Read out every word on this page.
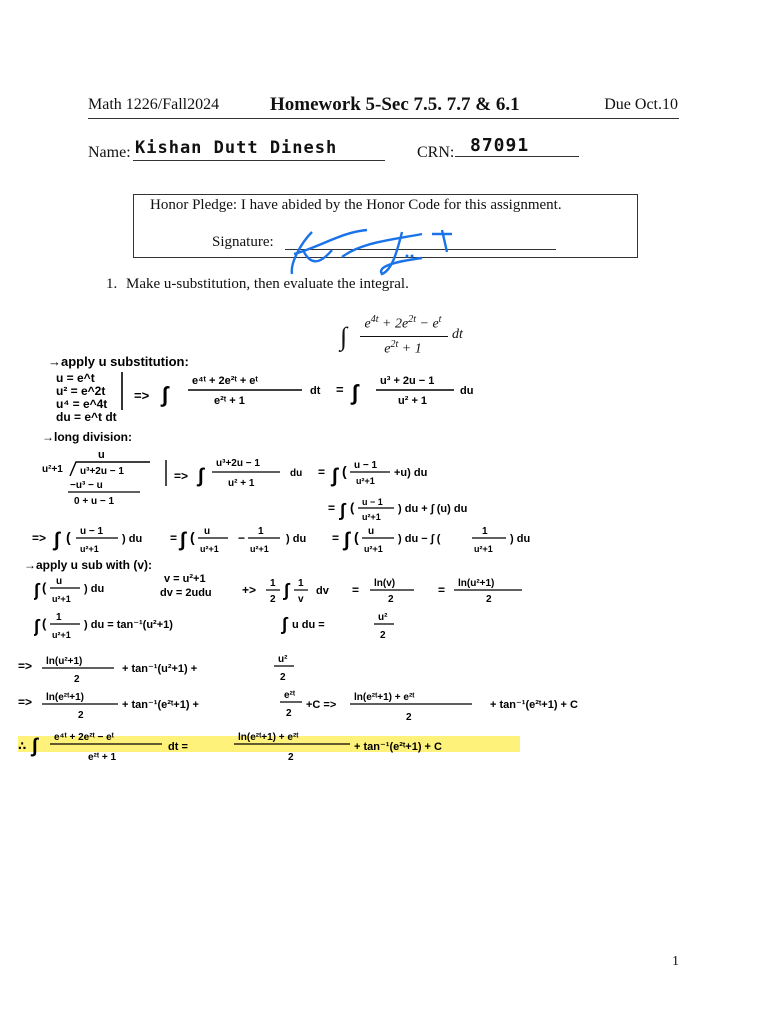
Math 1226/Fall2024	Homework 5-Sec 7.5. 7.7 & 6.1	Due Oct.10
Name: Kishan Dutt Dinesh	CRN: 87091
Honor Pledge: I have abided by the Honor Code for this assignment.
Signature:
1. Make u-substitution, then evaluate the integral.
∫	$e^{4t} + 2e^{2t} - e^t$
$e^{2t} + 1$
dt
→apply u substitution:
u = e^t
u² = e^2t
u⁴ = e^4t
du = e^t dt
=> ∫
e⁴ᵗ + 2e²ᵗ + eᵗ
e²ᵗ + 1
dt = ∫ u³ + 2u − 1
u² + 1
du
→long division:
u
u²+1 u³+2u − 1
−u³ − u
0 + u − 1
=> ∫
u³+2u − 1
u² + 1
du = ∫ ( u − 1
u²+1
+u) du
= ∫ ( u − 1
u²+1
) du + ∫ (u) du
=> ∫ ( u − 1
u²+1
) du = ∫ ( u
u²+1
− 1
u²+1
) du = ∫ ( u
u²+1
) du − ∫ (
1
u²+1
) du
→apply u sub with (v):
∫ ( u
u²+1
) du
v = u²+1
dv = 2udu	+> 1
2 ∫ 1
v
dv = ln(v)
2
= ln(u²+1)
2
∫ ( 1
u²+1
) du = tan⁻¹(u²+1)	∫ u du =
u²
2
=> ln(u²+1)
2
+ tan⁻¹(u²+1) +
u²
2
=> ln(e²ᵗ+1)
2
+ tan⁻¹(e²ᵗ+1) +
e²ᵗ
2
+C =>
ln(e²ᵗ+1) + e²ᵗ
2
+ tan⁻¹(e²ᵗ+1) + C
∴ ∫ e⁴ᵗ + 2e²ᵗ − eᵗ
e²ᵗ + 1
dt =
ln(e²ᵗ+1) + e²ᵗ
2
+ tan⁻¹(e²ᵗ+1) + C
1
